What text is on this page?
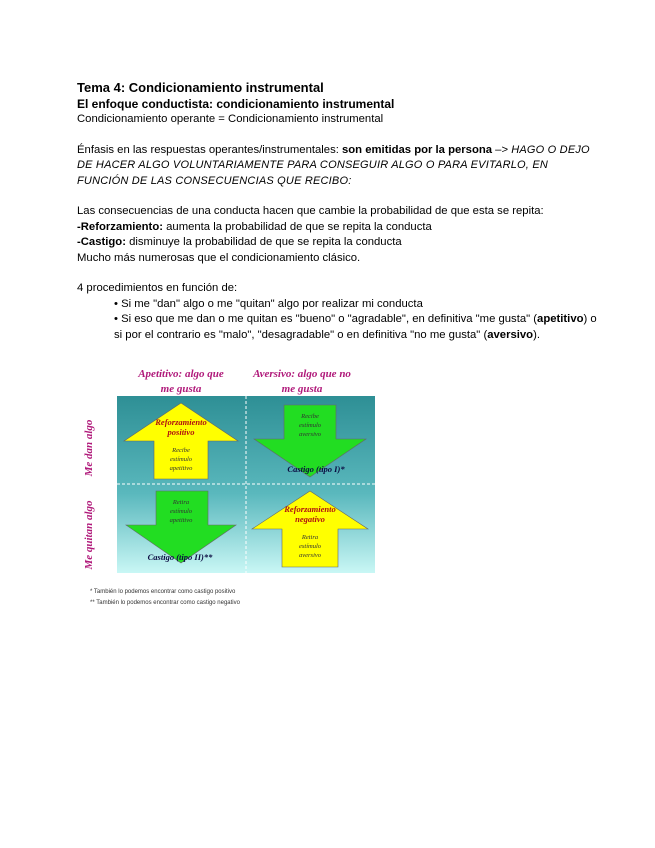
Tema 4: Condicionamiento instrumental
El enfoque conductista: condicionamiento instrumental
Condicionamiento operante = Condicionamiento instrumental
Énfasis en las respuestas operantes/instrumentales: son emitidas por la persona –> HAGO O DEJO DE HACER ALGO VOLUNTARIAMENTE PARA CONSEGUIR ALGO O PARA EVITARLO, EN FUNCIÓN DE LAS CONSECUENCIAS QUE RECIBO:
Las consecuencias de una conducta hacen que cambie la probabilidad de que esta se repita:
-Reforzamiento: aumenta la probabilidad de que se repita la conducta
-Castigo: disminuye la probabilidad de que se repita la conducta
Mucho más numerosas que el condicionamiento clásico.
4 procedimientos en función de:
• Si me "dan" algo o me "quitan" algo por realizar mi conducta
• Si eso que me dan o me quitan es "bueno" o "agradable", en definitiva "me gusta" (apetitivo) o si por el contrario es "malo", "desagradable" o en definitiva "no me gusta" (aversivo).
Apetitivo: algo que
me gusta
Aversivo: algo que no
me gusta
Me dan algo
Me quitan algo
Reforzamiento
positivo
Recibe
estímulo
apetitivo
Recibe
estímulo
aversivo
Castigo (tipo I)*
Retira
estímulo
apetitivo
Castigo (tipo II)**
Reforzamiento
negativo
Retira
estímulo
aversivo
* También lo podemos encontrar como castigo positivo
** También lo podemos encontrar como castigo negativo
